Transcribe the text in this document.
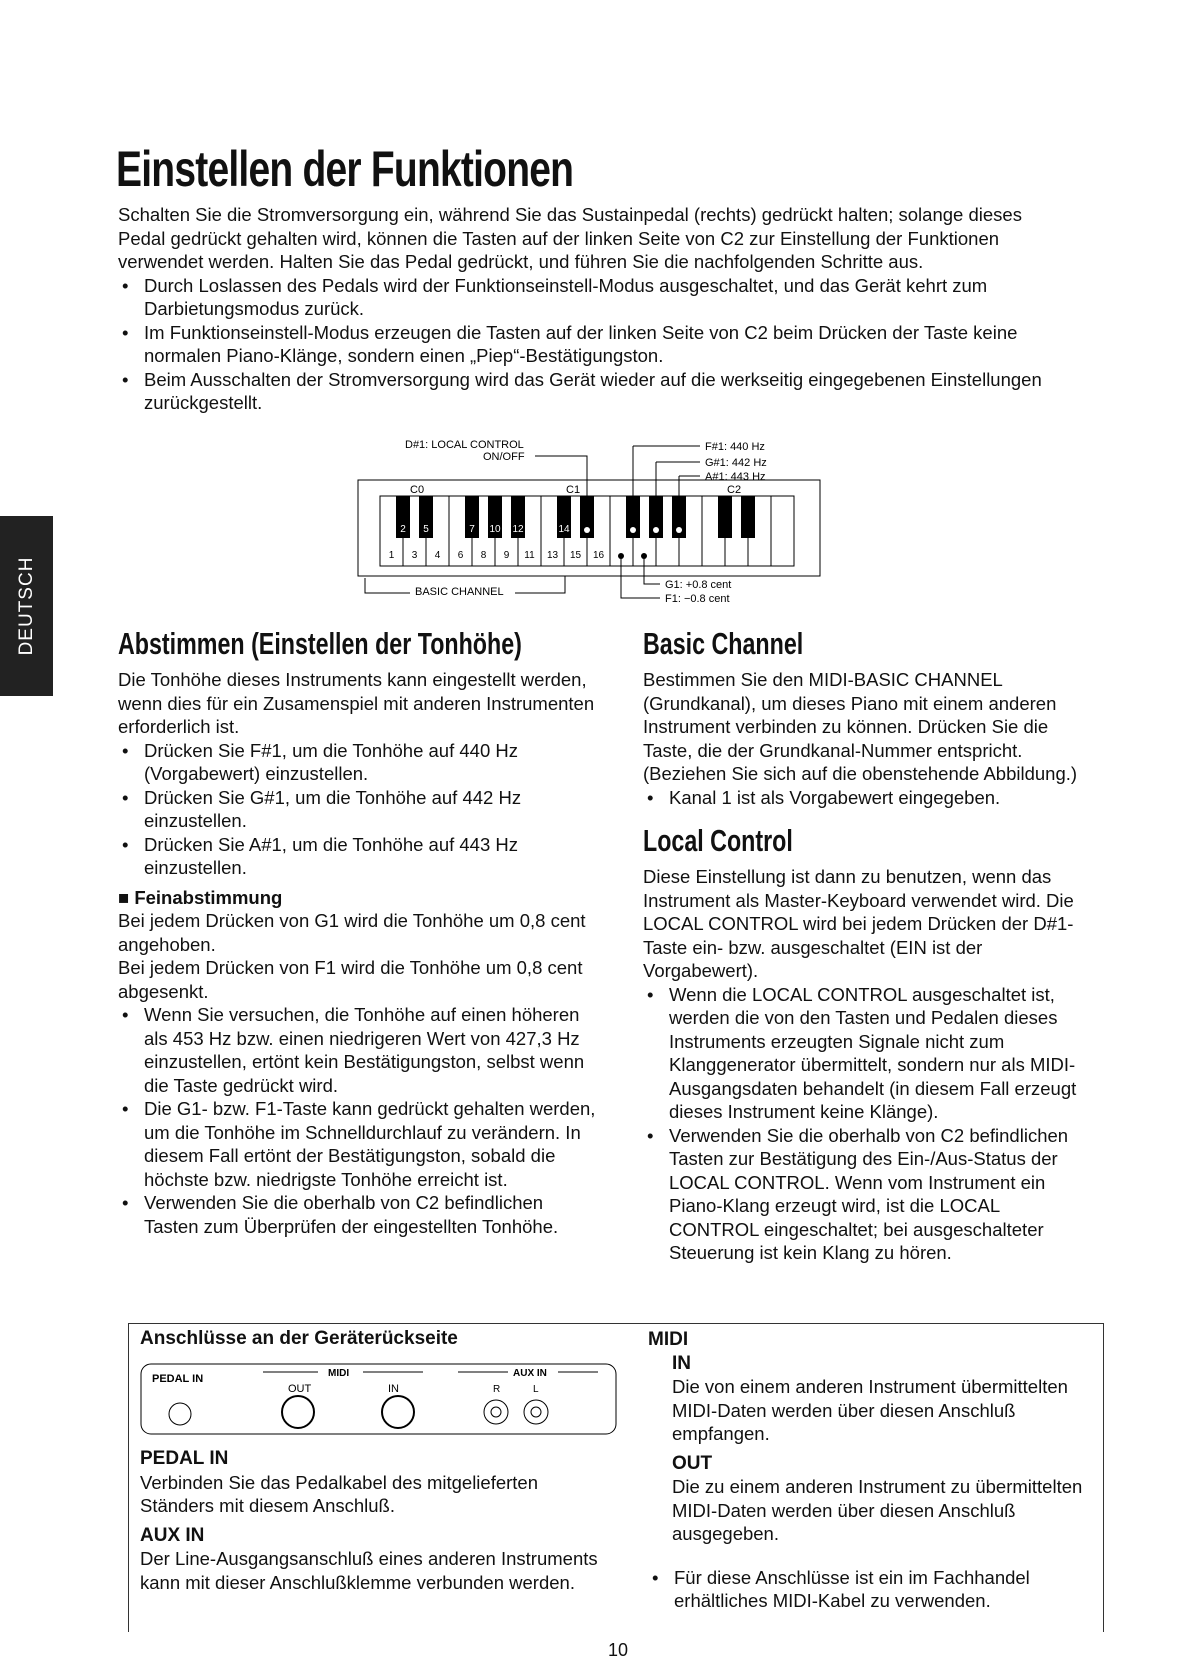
Einstellen der Funktionen
DEUTSCH

Schalten Sie die Stromversorgung ein, während Sie das Sustainpedal (rechts) gedrückt halten; solange dieses Pedal gedrückt gehalten wird, können die Tasten auf der linken Seite von C2 zur Einstellung der Funktionen verwendet werden. Halten Sie das Pedal gedrückt, und führen Sie die nachfolgenden Schritte aus.

• Durch Loslassen des Pedals wird der Funktionseinstell-Modus ausgeschaltet, und das Gerät kehrt zum Darbietungsmodus zurück.
• Im Funktionseinstell-Modus erzeugen die Tasten auf der linken Seite von C2 beim Drücken der Taste keine normalen Piano-Klänge, sondern einen „Piep“-Bestätigungston.
• Beim Ausschalten der Stromversorgung wird das Gerät wieder auf die werkseitig eingegebenen Einstellungen zurückgestellt.
2 5	7 10 12	14
1 3 4 6 8 9 11 13 15 16
C0	C1	C2
D#1: LOCAL CONTROL
ON/OFF
F#1: 440 Hz
G#1: 442 Hz
A#1: 443 Hz
G1: +0.8 cent
F1: −0.8 cent
BASIC CHANNEL
Abstimmen (Einstellen der Tonhöhe)

Die Tonhöhe dieses Instruments kann eingestellt werden, wenn dies für ein Zusamenspiel mit anderen Instrumenten erforderlich ist.

• Drücken Sie F#1, um die Tonhöhe auf 440 Hz (Vorgabewert) einzustellen.
• Drücken Sie G#1, um die Tonhöhe auf 442 Hz einzustellen.
• Drücken Sie A#1, um die Tonhöhe auf 443 Hz einzustellen.
■ Feinabstimmung

Bei jedem Drücken von G1 wird die Tonhöhe um 0,8 cent angehoben.

Bei jedem Drücken von F1 wird die Tonhöhe um 0,8 cent abgesenkt.

• Wenn Sie versuchen, die Tonhöhe auf einen höheren als 453 Hz bzw. einen niedrigeren Wert von 427,3 Hz einzustellen, ertönt kein Bestätigungston, selbst wenn die Taste gedrückt wird.
• Die G1- bzw. F1-Taste kann gedrückt gehalten werden, um die Tonhöhe im Schnelldurchlauf zu verändern. In diesem Fall ertönt der Bestätigungston, sobald die höchste bzw. niedrigste Tonhöhe erreicht ist.
• Verwenden Sie die oberhalb von C2 befindlichen Tasten zum Überprüfen der eingestellten Tonhöhe.
Basic Channel

Bestimmen Sie den MIDI-BASIC CHANNEL (Grundkanal), um dieses Piano mit einem anderen Instrument verbinden zu können. Drücken Sie die Taste, die der Grundkanal-Nummer entspricht. (Beziehen Sie sich auf die obenstehende Abbildung.)

• Kanal 1 ist als Vorgabewert eingegeben.
Local Control

Diese Einstellung ist dann zu benutzen, wenn das Instrument als Master-Keyboard verwendet wird. Die LOCAL CONTROL wird bei jedem Drücken der D#1-Taste ein- bzw. ausgeschaltet (EIN ist der Vorgabewert).

• Wenn die LOCAL CONTROL ausgeschaltet ist, werden die von den Tasten und Pedalen dieses Instruments erzeugten Signale nicht zum Klanggenerator übermittelt, sondern nur als MIDI-Ausgangsdaten behandelt (in diesem Fall erzeugt dieses Instrument keine Klänge).
• Verwenden Sie die oberhalb von C2 befindlichen Tasten zur Bestätigung des Ein-/Aus-Status der LOCAL CONTROL. Wenn vom Instrument ein Piano-Klang erzeugt wird, ist die LOCAL CONTROL eingeschaltet; bei ausgeschalteter Steuerung ist kein Klang zu hören.
Anschlüsse an der Geräterückseite
PEDAL IN	MIDI
OUT	IN
AUX IN
R	L
PEDAL IN

Verbinden Sie das Pedalkabel des mitgelieferten Ständers mit diesem Anschluß.

AUX IN

Der Line-Ausgangsanschluß eines anderen Instruments kann mit dieser Anschlußklemme verbunden werden.

MIDI
IN

Die von einem anderen Instrument übermittelten MIDI-Daten werden über diesen Anschluß empfangen.

OUT

Die zu einem anderen Instrument zu übermittelten MIDI-Daten werden über diesen Anschluß ausgegeben.

• Für diese Anschlüsse ist ein im Fachhandel erhältliches MIDI-Kabel zu verwenden.
10
